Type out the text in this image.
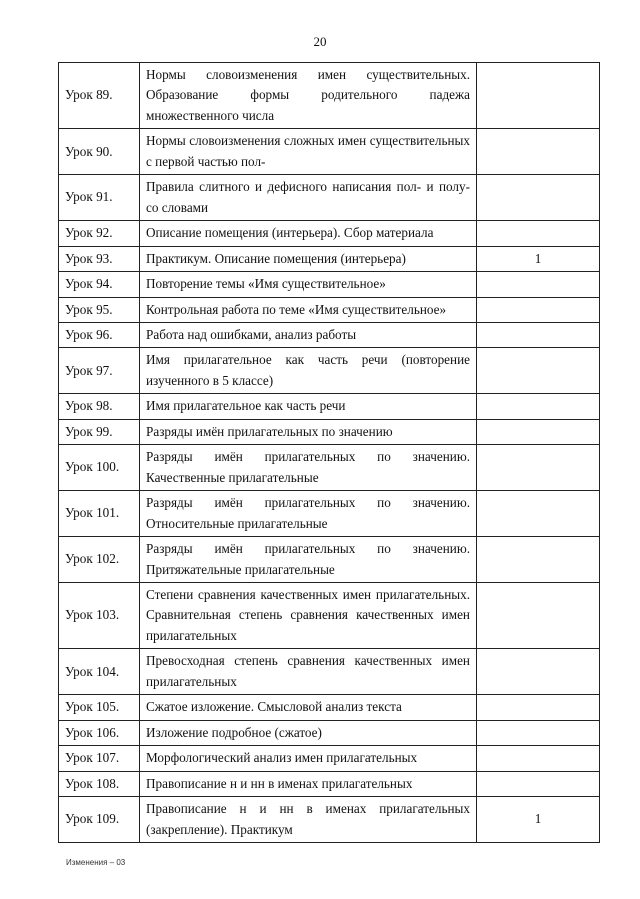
20
Урок 89.	Нормы словоизменения имен существительных. Образование формы родительного падежа множественного числа	
Урок 90.	Нормы словоизменения сложных имен существительных с первой частью пол-	
Урок 91.	Правила слитного и дефисного написания пол- и полу- со словами	
Урок 92.	Описание помещения (интерьера). Сбор материала	
Урок 93.	Практикум. Описание помещения (интерьера)	1
Урок 94.	Повторение темы «Имя существительное»	
Урок 95.	Контрольная работа по теме «Имя существительное»	
Урок 96.	Работа над ошибками, анализ работы	
Урок 97.	Имя прилагательное как часть речи (повторение изученного в 5 классе)	
Урок 98.	Имя прилагательное как часть речи	
Урок 99.	Разряды имён прилагательных по значению	
Урок 100.	Разряды имён прилагательных по значению. Качественные прилагательные	
Урок 101.	Разряды имён прилагательных по значению. Относительные прилагательные	
Урок 102.	Разряды имён прилагательных по значению. Притяжательные прилагательные	
Урок 103.	Степени сравнения качественных имен прилагательных. Сравнительная степень сравнения качественных имен прилагательных	
Урок 104.	Превосходная степень сравнения качественных имен прилагательных	
Урок 105.	Сжатое изложение. Смысловой анализ текста	
Урок 106.	Изложение подробное (сжатое)	
Урок 107.	Морфологический анализ имен прилагательных	
Урок 108.	Правописание н и нн в именах прилагательных	
Урок 109.	Правописание н и нн в именах прилагательных (закрепление). Практикум	1
Изменения – 03
